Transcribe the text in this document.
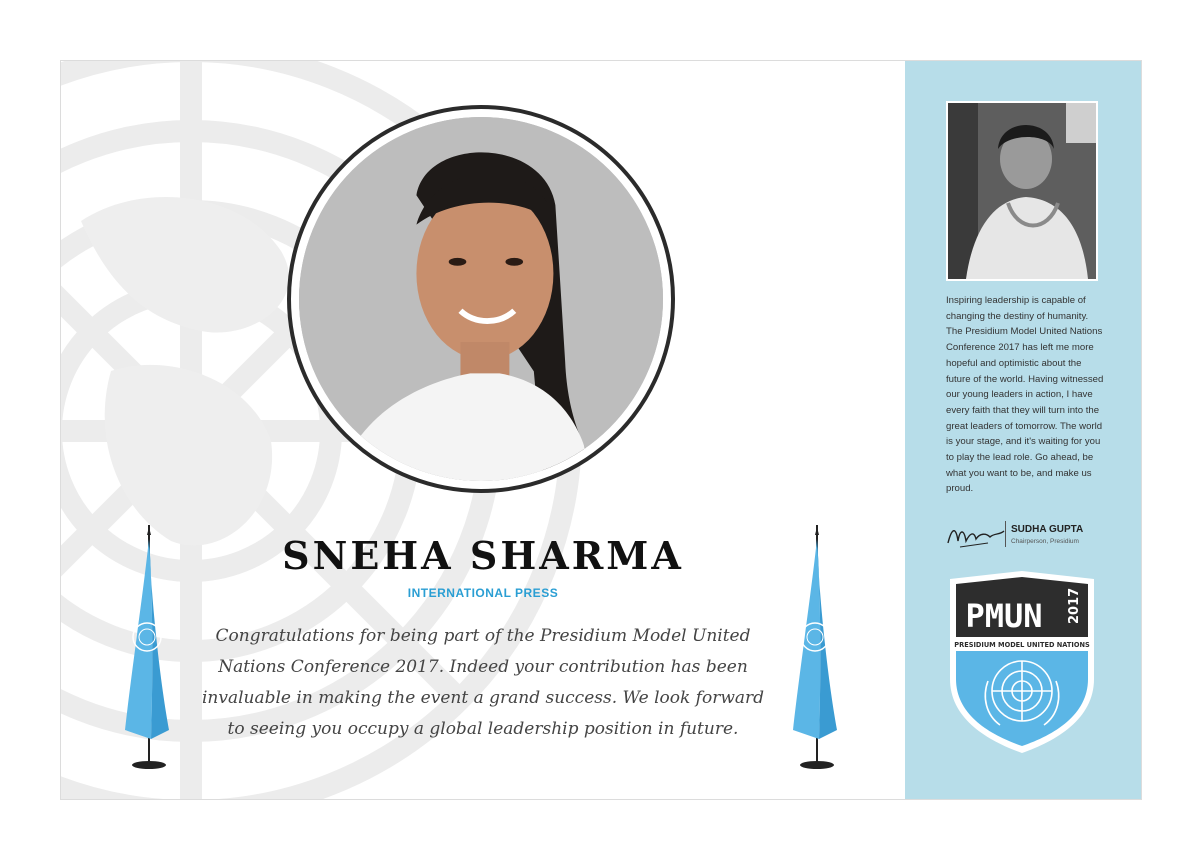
SNEHA SHARMA
INTERNATIONAL PRESS
Congratulations for being part of the Presidium Model United Nations Conference 2017. Indeed your contribution has been invaluable in making the event a grand success. We look forward to seeing you occupy a global leadership position in future.
Inspiring leadership is capable of changing the destiny of humanity. The Presidium Model United Nations Conference 2017 has left me more hopeful and optimistic about the future of the world. Having witnessed our young leaders in action, I have every faith that they will turn into the great leaders of tomorrow. The world is your stage, and it's waiting for you to play the lead role. Go ahead, be what you want to be, and make us proud.
SUDHA GUPTA
Chairperson, Presidium
PMUN 2017
PRESIDIUM MODEL UNITED NATIONS
